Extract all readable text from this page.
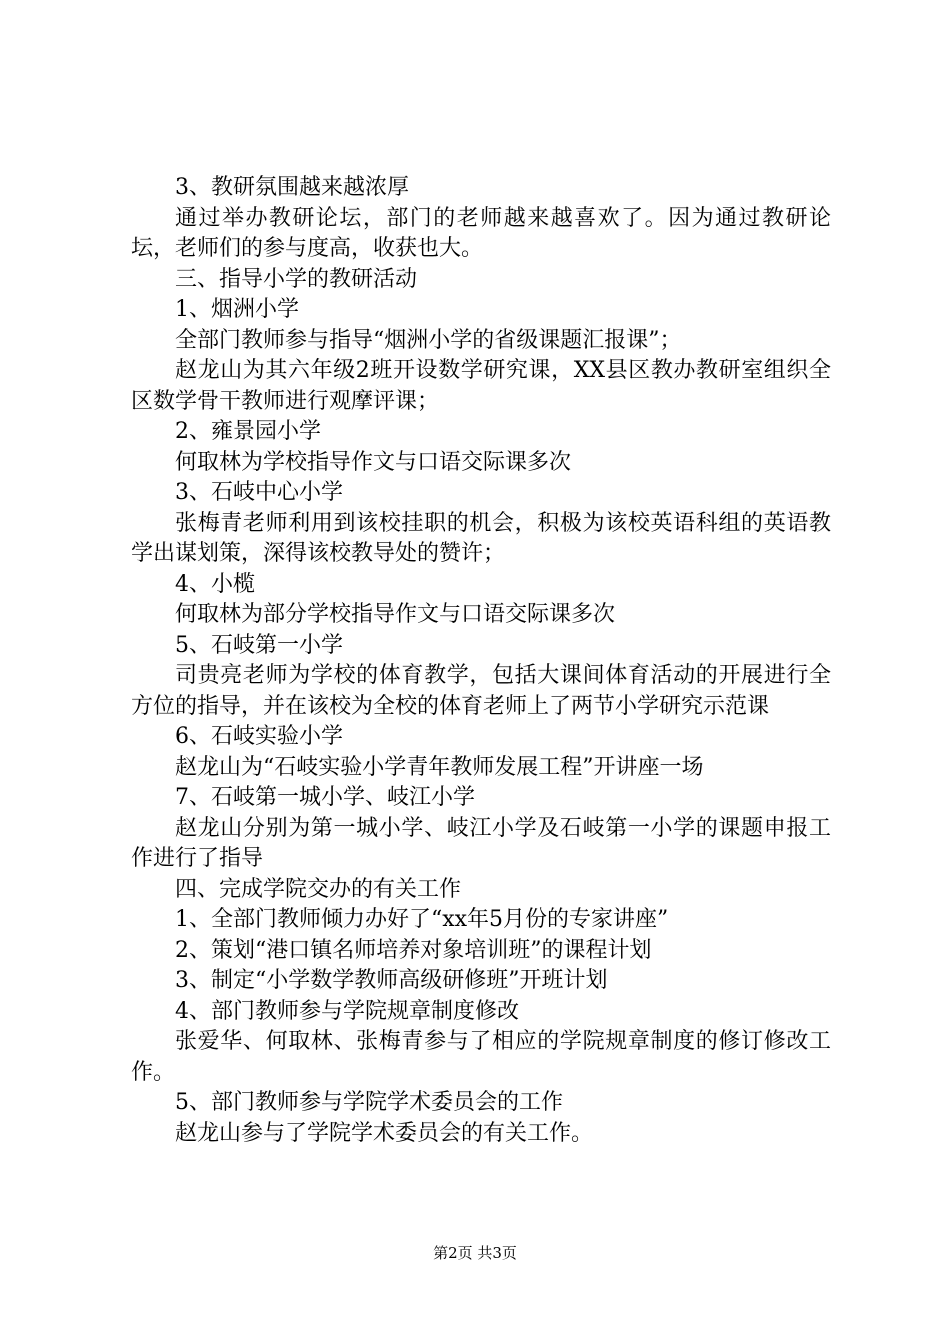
3、教研氛围越来越浓厚

通过举办教研论坛，部门的老师越来越喜欢了。因为通过教研论坛，老师们的参与度高，收获也大。

三、指导小学的教研活动

1、烟洲小学

全部门教师参与指导“烟洲小学的省级课题汇报课”；

赵龙山为其六年级2班开设数学研究课，XX县区教办教研室组织全区数学骨干教师进行观摩评课；

2、雍景园小学

何取林为学校指导作文与口语交际课多次

3、石岐中心小学

张梅青老师利用到该校挂职的机会，积极为该校英语科组的英语教学出谋划策，深得该校教导处的赞许；

4、小榄

何取林为部分学校指导作文与口语交际课多次

5、石岐第一小学

司贵亮老师为学校的体育教学，包括大课间体育活动的开展进行全方位的指导，并在该校为全校的体育老师上了两节小学研究示范课

6、石岐实验小学

赵龙山为“石岐实验小学青年教师发展工程”开讲座一场

7、石岐第一城小学、岐江小学

赵龙山分别为第一城小学、岐江小学及石岐第一小学的课题申报工作进行了指导

四、完成学院交办的有关工作

1、全部门教师倾力办好了“xx年5月份的专家讲座”

2、策划“港口镇名师培养对象培训班”的课程计划

3、制定“小学数学教师高级研修班”开班计划

4、部门教师参与学院规章制度修改

张爱华、何取林、张梅青参与了相应的学院规章制度的修订修改工作。

5、部门教师参与学院学术委员会的工作

赵龙山参与了学院学术委员会的有关工作。

第2页 共3页
